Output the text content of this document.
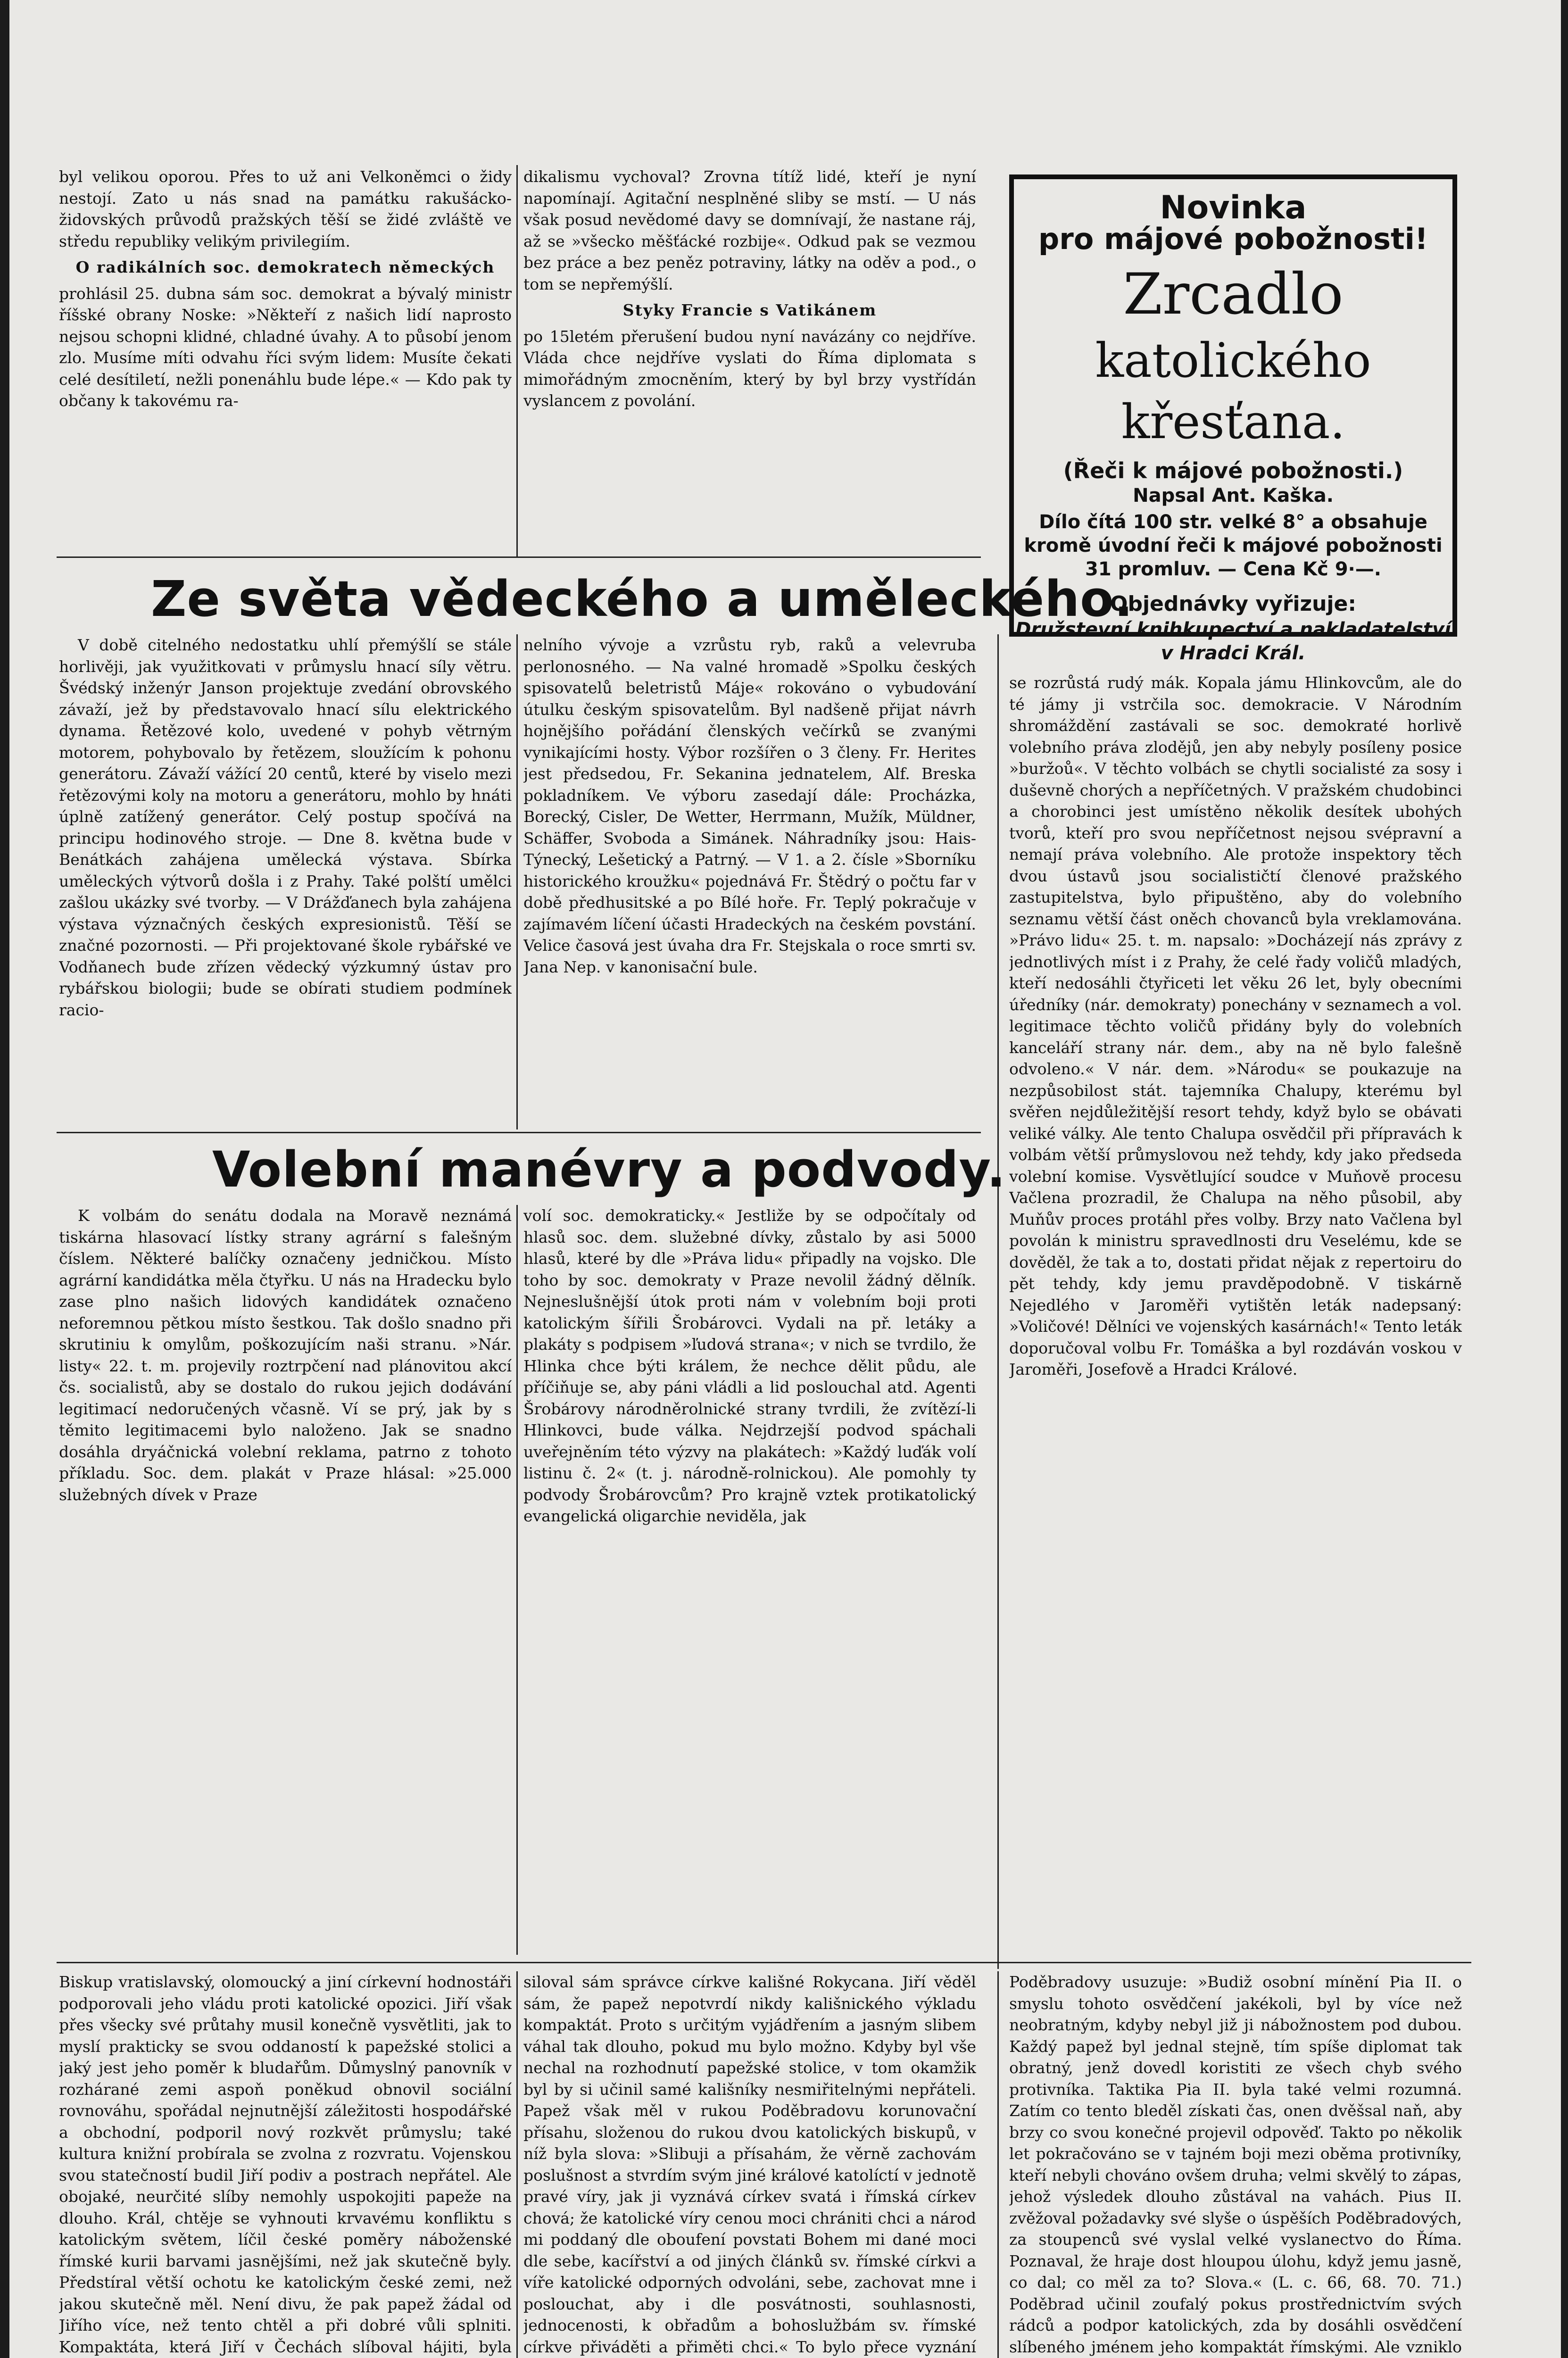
byl velikou oporou. Přes to už ani Velkoněmci o židy nestojí. Zato u nás snad na památku rakušácko-židovských průvodů pražských těší se židé zvláště ve středu republiky velikým privilegiím.

O radikálních soc. demokratech německých

prohlásil 25. dubna sám soc. demokrat a bývalý ministr říšské obrany Noske: »Někteří z našich lidí naprosto nejsou schopni klidné, chladné úvahy. A to působí jenom zlo. Musíme míti odvahu říci svým lidem: Musíte čekati celé desítiletí, nežli ponenáhlu bude lépe.« — Kdo pak ty občany k takovému ra-

dikalismu vychoval? Zrovna títíž lidé, kteří je nyní napomínají. Agitační nesplněné sliby se mstí. — U nás však posud nevědomé davy se domnívají, že nastane ráj, až se »všecko měšťácké rozbije«. Odkud pak se vezmou bez práce a bez peněz potraviny, látky na oděv a pod., o tom se nepřemýšlí.

Styky Francie s Vatikánem

po 15letém přerušení budou nyní navázány co nejdříve. Vláda chce nejdříve vyslati do Říma diplomata s mimořádným zmocněním, který by byl brzy vystřídán vyslancem z povolání.

Novinka
pro májové pobožnosti!
Zrcadlo
katolického křesťana.
(Řeči k májové pobožnosti.)
Napsal Ant. Kaška.
Dílo čítá 100 str. velké 8° a obsahuje kromě úvodní řeči k májové pobožnosti 31 promluv. — Cena Kč 9·—.
Objednávky vyřizuje:
Družstevní knihkupectví a nakladatelství v Hradci Král.
Ze světa vědeckého a uměleckého.

V době citelného nedostatku uhlí přemýšlí se stále horlivěji, jak využitkovati v průmyslu hnací síly větru. Švédský inženýr Janson projektuje zvedání obrovského závaží, jež by představovalo hnací sílu elektrického dynama. Řetězové kolo, uvedené v pohyb větrným motorem, pohybovalo by řetězem, sloužícím k pohonu generátoru. Závaží vážící 20 centů, které by viselo mezi řetězovými koly na motoru a generátoru, mohlo by hnáti úplně zatížený generátor. Celý postup spočívá na principu hodinového stroje. — Dne 8. května bude v Benátkách zahájena umělecká výstava. Sbírka uměleckých výtvorů došla i z Prahy. Také polští umělci zašlou ukázky své tvorby. — V Drážďanech byla zahájena výstava význačných českých expresionistů. Těší se značné pozornosti. — Při projektované škole rybářské ve Vodňanech bude zřízen vědecký výzkumný ústav pro rybářskou biologii; bude se obírati studiem podmínek racio-

nelního vývoje a vzrůstu ryb, raků a velevruba perlonosného. — Na valné hromadě »Spolku českých spisovatelů beletristů Máje« rokováno o vybudování útulku českým spisovatelům. Byl nadšeně přijat návrh hojnějšího pořádání členských večírků se zvanými vynikajícími hosty. Výbor rozšířen o 3 členy. Fr. Herites jest předsedou, Fr. Sekanina jednatelem, Alf. Breska pokladníkem. Ve výboru zasedají dále: Procházka, Borecký, Cisler, De Wetter, Herrmann, Mužík, Müldner, Schäffer, Svoboda a Simánek. Náhradníky jsou: Hais-Týnecký, Lešetický a Patrný. — V 1. a 2. čísle »Sborníku historického kroužku« pojednává Fr. Štědrý o počtu far v době předhusitské a po Bílé hoře. Fr. Teplý pokračuje v zajímavém líčení účasti Hradeckých na českém povstání. Velice časová jest úvaha dra Fr. Stejskala o roce smrti sv. Jana Nep. v kanonisační bule.

se rozrůstá rudý mák. Kopala jámu Hlinkovcům, ale do té jámy ji vstrčila soc. demokracie. V Národním shromáždění zastávali se soc. demokraté horlivě volebního práva zlodějů, jen aby nebyly posíleny posice »buržoů«. V těchto volbách se chytli socialisté za sosy i duševně chorých a nepříčetných. V pražském chudobinci a chorobinci jest umístěno několik desítek ubohých tvorů, kteří pro svou nepříčetnost nejsou svépravní a nemají práva volebního. Ale protože inspektory těch dvou ústavů jsou socialističtí členové pražského zastupitelstva, bylo připuštěno, aby do volebního seznamu větší část oněch chovanců byla vreklamována. »Právo lidu« 25. t. m. napsalo: »Docházejí nás zprávy z jednotlivých míst i z Prahy, že celé řady voličů mladých, kteří nedosáhli čtyřiceti let věku 26 let, byly obecními úředníky (nár. demokraty) ponechány v seznamech a vol. legitimace těchto voličů přidány byly do volebních kanceláří strany nár. dem., aby na ně bylo falešně odvoleno.« V nár. dem. »Národu« se poukazuje na nezpůsobilost stát. tajemníka Chalupy, kterému byl svěřen nejdůležitější resort tehdy, když bylo se obávati veliké války. Ale tento Chalupa osvědčil při přípravách k volbám větší průmyslovou než tehdy, kdy jako předseda volební komise. Vysvětlující soudce v Muňově procesu Vačlena prozradil, že Chalupa na něho působil, aby Muňův proces protáhl přes volby. Brzy nato Vačlena byl povolán k ministru spravedlnosti dru Veselému, kde se dověděl, že tak a to, dostati přidat nějak z repertoiru do pět tehdy, kdy jemu pravděpodobně. V tiskárně Nejedlého v Jaroměři vytištěn leták nadepsaný: »Voličové! Dělníci ve vojenských kasárnách!« Tento leták doporučoval volbu Fr. Tomáška a byl rozdáván voskou v Jaroměři, Josefově a Hradci Králové.

Volební manévry a podvody.

K volbám do senátu dodala na Moravě neznámá tiskárna hlasovací lístky strany agrární s falešným číslem. Některé balíčky označeny jedničkou. Místo agrární kandidátka měla čtyřku. U nás na Hradecku bylo zase plno našich lidových kandidátek označeno neforemnou pětkou místo šestkou. Tak došlo snadno při skrutiniu k omylům, poškozujícím naši stranu. »Nár. listy« 22. t. m. projevily roztrpčení nad plánovitou akcí čs. socialistů, aby se dostalo do rukou jejich dodávání legitimací nedoručených včasně. Ví se prý, jak by s těmito legitimacemi bylo naloženo. Jak se snadno dosáhla dryáčnická volební reklama, patrno z tohoto příkladu. Soc. dem. plakát v Praze hlásal: »25.000 služebných dívek v Praze

volí soc. demokraticky.« Jestliže by se odpočítaly od hlasů soc. dem. služebné dívky, zůstalo by asi 5000 hlasů, které by dle »Práva lidu« připadly na vojsko. Dle toho by soc. demokraty v Praze nevolil žádný dělník. Nejneslušnější útok proti nám v volebním boji proti katolickým šířili Šrobárovci. Vydali na př. letáky a plakáty s podpisem »ľudová strana«; v nich se tvrdilo, že Hlinka chce býti králem, že nechce dělit půdu, ale příčiňuje se, aby páni vládli a lid poslouchal atd. Agenti Šrobárovy národněrolnické strany tvrdili, že zvítězí-li Hlinkovci, bude válka. Nejdrzejší podvod spáchali uveřejněním této výzvy na plakátech: »Každý luďák volí listinu č. 2« (t. j. národně-rolnickou). Ale pomohly ty podvody Šrobárovcům? Pro krajně vztek protikatolický evangelická oligarchie neviděla, jak

Biskup vratislavský, olomoucký a jiní církevní hodnostáři podporovali jeho vládu proti katolické opozici. Jiří však přes všecky své průtahy musil konečně vysvětliti, jak to myslí prakticky se svou oddaností k papežské stolici a jaký jest jeho poměr k bludařům. Důmyslný panovník v rozhárané zemi aspoň poněkud obnovil sociální rovnováhu, spořádal nejnutnější záležitosti hospodářské a obchodní, podporil nový rozkvět průmyslu; také kultura knižní probírala se zvolna z rozvratu. Vojenskou svou statečností budil Jiří podiv a postrach nepřátel. Ale obojaké, neurčité slíby nemohly uspokojiti papeže na dlouho. Král, chtěje se vyhnouti krvavému konfliktu s katolickým světem, líčil české poměry náboženské římské kurii barvami jasnějšími, než jak skutečně byly. Předstíral větší ochotu ke katolickým české zemi, než jakou skutečně měl. Není divu, že pak papež žádal od Jiřího více, než tento chtěl a při dobré vůli splniti. Kompaktáta, která Jiří v Čechách slíboval hájiti, byla

siloval sám správce církve kališné Rokycana. Jiří věděl sám, že papež nepotvrdí nikdy kališnického výkladu kompaktát. Proto s určitým vyjádřením a jasným slibem váhal tak dlouho, pokud mu bylo možno. Kdyby byl vše nechal na rozhodnutí papežské stolice, v tom okamžik byl by si učinil samé kališníky nesmiřitelnými nepřáteli. Papež však měl v rukou Poděbradovu korunovační přísahu, složenou do rukou dvou katolických biskupů, v níž byla slova: »Slibuji a přísahám, že věrně zachovám poslušnost a stvrdím svým jiné králové katolíctí v jednotě pravé víry, jak ji vyznává církev svatá i římská církev chová; že katolické víry cenou moci chrániti chci a národ mi poddaný dle oboufení povstati Bohem mi dané moci dle sebe, kacířství a od jiných článků sv. římské církvi a víře katolické odporných odvoláni, sebe, zachovat mne i poslouchat, aby i dle posvátnosti, souhlasnosti, jednocenosti, k obřadům a bohoslužbám sv. římské církve přiváděti a přiměti chci.« To bylo přece vyznání

Poděbradovy usuzuje: »Budiž osobní mínění Pia II. o smyslu tohoto osvědčení jakékoli, byl by více než neobratným, kdyby nebyl již ji nábožnostem pod dubou. Každý papež byl jednal stejně, tím spíše diplomat tak obratný, jenž dovedl koristiti ze všech chyb svého protivníka. Taktika Pia II. byla také velmi rozumná. Zatím co tento bleděl získati čas, onen dvěšsal naň, aby brzy co svou konečné projevil odpověď. Takto po několik let pokračováno se v tajném boji mezi oběma protivníky, kteří nebyli chováno ovšem druha; velmi skvělý to zápas, jehož výsledek dlouho zůstával na vahách. Pius II. zvěžoval požadavky své slyše o úspěších Poděbradových, za stoupenců své vyslal velké vyslanectvo do Říma. Poznaval, že hraje dost hloupou úlohu, když jemu jasně, co dal; co měl za to? Slova.« (L. c. 66, 68. 70. 71.) Poděbrad učinil zoufalý pokus prostřednictvím svých rádců a podpor katolických, zda by dosáhli osvědčení slíbeného jménem jeho kompaktát římskými. Ale vzniklo
